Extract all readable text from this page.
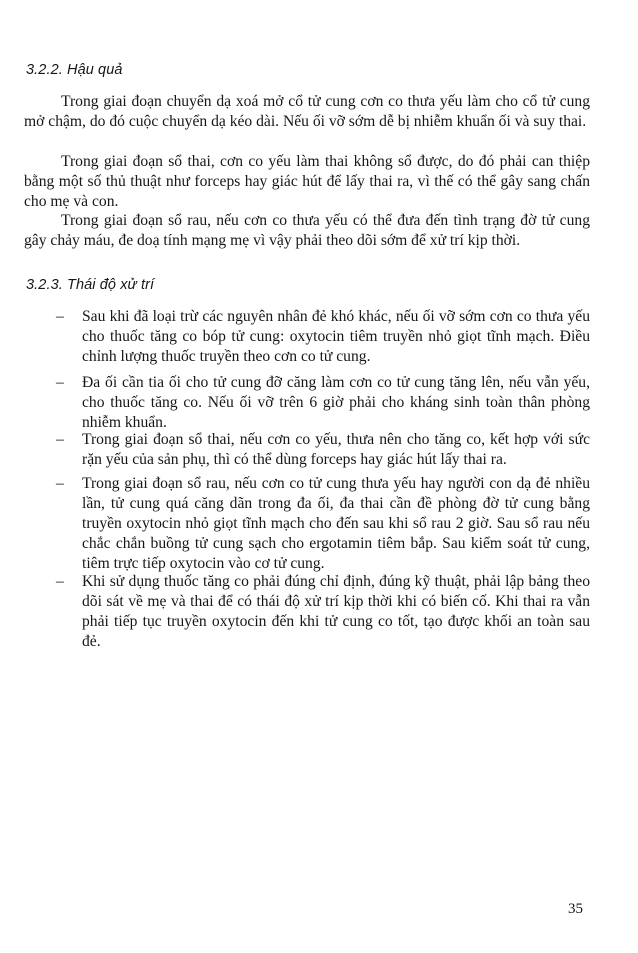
3.2.2. Hậu quả

Trong giai đoạn chuyển dạ xoá mở cổ tử cung cơn co thưa yếu làm cho cổ tử cung mở chậm, do đó cuộc chuyển dạ kéo dài. Nếu ối vỡ sớm dễ bị nhiễm khuẩn ối và suy thai.

Trong giai đoạn sổ thai, cơn co yếu làm thai không sổ được, do đó phải can thiệp bằng một số thủ thuật như forceps hay giác hút để lấy thai ra, vì thế có thể gây sang chấn cho mẹ và con.

Trong giai đoạn sổ rau, nếu cơn co thưa yếu có thể đưa đến tình trạng đờ tử cung gây chảy máu, đe doạ tính mạng mẹ vì vậy phải theo dõi sớm để xử trí kịp thời.

3.2.3. Thái độ xử trí
– Sau khi đã loại trừ các nguyên nhân đẻ khó khác, nếu ối vỡ sớm cơn co thưa yếu cho thuốc tăng co bóp tử cung: oxytocin tiêm truyền nhỏ giọt tĩnh mạch. Điều chỉnh lượng thuốc truyền theo cơn co tử cung.

– Đa ối cần tia ối cho tử cung đỡ căng làm cơn co tử cung tăng lên, nếu vẫn yếu, cho thuốc tăng co. Nếu ối vỡ trên 6 giờ phải cho kháng sinh toàn thân phòng nhiễm khuẩn.

– Trong giai đoạn sổ thai, nếu cơn co yếu, thưa nên cho tăng co, kết hợp với sức rặn yếu của sản phụ, thì có thể dùng forceps hay giác hút lấy thai ra.

– Trong giai đoạn sổ rau, nếu cơn co tử cung thưa yếu hay người con dạ đẻ nhiều lần, tử cung quá căng dãn trong đa ối, đa thai cần đề phòng đờ tử cung bằng truyền oxytocin nhỏ giọt tĩnh mạch cho đến sau khi sổ rau 2 giờ. Sau sổ rau nếu chắc chắn buồng tử cung sạch cho ergotamin tiêm bắp. Sau kiểm soát tử cung, tiêm trực tiếp oxytocin vào cơ tử cung.

– Khi sử dụng thuốc tăng co phải đúng chỉ định, đúng kỹ thuật, phải lập bảng theo dõi sát về mẹ và thai để có thái độ xử trí kịp thời khi có biến cố. Khi thai ra vẫn phải tiếp tục truyền oxytocin đến khi tử cung co tốt, tạo được khối an toàn sau đẻ.

35
